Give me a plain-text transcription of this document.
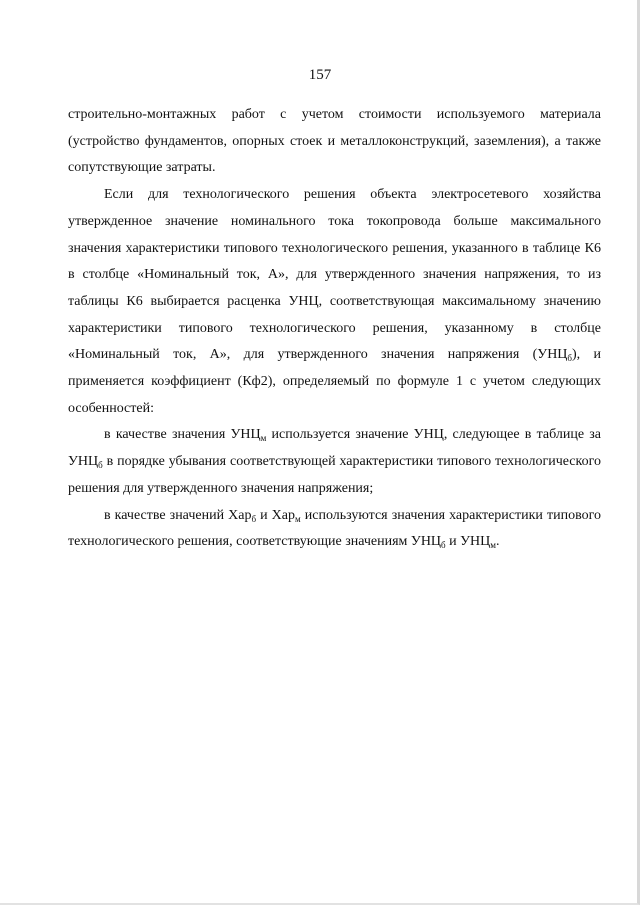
157

строительно-монтажных работ с учетом стоимости используемого материала (устройство фундаментов, опорных стоек и металлоконструкций, заземления), а также сопутствующие затраты.

Если для технологического решения объекта электросетевого хозяйства утвержденное значение номинального тока токопровода больше максимального значения характеристики типового технологического решения, указанного в таблице К6 в столбце «Номинальный ток, А», для утвержденного значения напряжения, то из таблицы К6 выбирается расценка УНЦ, соответствующая максимальному значению характеристики типового технологического решения, указанному в столбце «Номинальный ток, А», для утвержденного значения напряжения $(УНЦ_б)$, и применяется коэффициент (Кф2), определяемый по формуле 1 с учетом следующих особенностей:

в качестве значения $УНЦ_м$ используется значение УНЦ, следующее в таблице за $УНЦ_б$ в порядке убывания соответствующей характеристики типового технологического решения для утвержденного значения напряжения;

в качестве значений Хар$_б$ и Хар$_м$ используются значения характеристики типового технологического решения, соответствующие значениям $УНЦ_б$ и $УНЦ_м$.
